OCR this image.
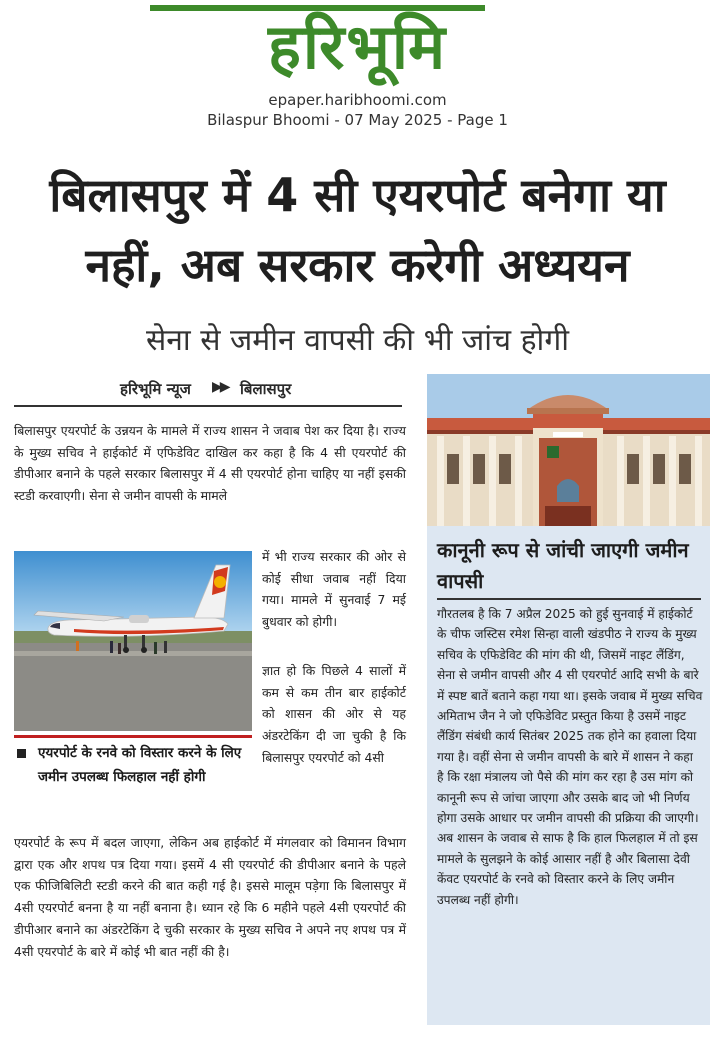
हरिभूमि
epaper.haribhoomi.com
Bilaspur Bhoomi - 07 May 2025 - Page 1
बिलासपुर में 4 सी एयरपोर्ट बनेगा या
नहीं, अब सरकार करेगी अध्ययन
सेना से जमीन वापसी की भी जांच होगी
हरिभूमि न्यूज ▶▶ बिलासपुर
बिलासपुर एयरपोर्ट के उन्नयन के मामले में राज्य शासन ने जवाब पेश कर दिया है। राज्य के मुख्य सचिव ने हाईकोर्ट में एफिडेविट दाखिल कर कहा है कि 4 सी एयरपोर्ट की डीपीआर बनाने के पहले सरकार बिलासपुर में 4 सी एयरपोर्ट होना चाहिए या नहीं इसकी स्टडी करवाएगी। सेना से जमीन वापसी के मामले
में भी राज्य सरकार की ओर से कोई सीधा जवाब नहीं दिया गया। मामले में सुनवाई 7 मई बुधवार को होगी।
ज्ञात हो कि पिछले 4 सालों में कम से कम तीन बार हाईकोर्ट को शासन की ओर से यह अंडरटेकिंग दी जा चुकी है कि बिलासपुर एयरपोर्ट को 4सी
एयरपोर्ट के रनवे को विस्तार करने के लिए जमीन उपलब्ध फिलहाल नहीं होगी
एयरपोर्ट के रूप में बदल जाएगा, लेकिन अब हाईकोर्ट में मंगलवार को विमानन विभाग द्वारा एक और शपथ पत्र दिया गया। इसमें 4 सी एयरपोर्ट की डीपीआर बनाने के पहले एक फीजिबिलिटी स्टडी करने की बात कही गई है। इससे मालूम पड़ेगा कि बिलासपुर में 4सी एयरपोर्ट बनना है या नहीं बनाना है। ध्यान रहे कि 6 महीने पहले 4सी एयरपोर्ट की डीपीआर बनाने का अंडरटेकिंग दे चुकी सरकार के मुख्य सचिव ने अपने नए शपथ पत्र में 4सी एयरपोर्ट के बारे में कोई भी बात नहीं की है।
कानूनी रूप से जांची जाएगी जमीन वापसी
गौरतलब है कि 7 अप्रैल 2025 को हुई सुनवाई में हाईकोर्ट के चीफ जस्टिस रमेश सिन्हा वाली खंडपीठ ने राज्य के मुख्य सचिव के एफिडेविट की मांग की थी, जिसमें नाइट लैंडिंग, सेना से जमीन वापसी और 4 सी एयरपोर्ट आदि सभी के बारे में स्पष्ट बातें बताने कहा गया था। इसके जवाब में मुख्य सचिव अमिताभ जैन ने जो एफिडेविट प्रस्तुत किया है उसमें नाइट लैंडिंग संबंधी कार्य सितंबर 2025 तक होने का हवाला दिया गया है। वहीं सेना से जमीन वापसी के बारे में शासन ने कहा है कि रक्षा मंत्रालय जो पैसे की मांग कर रहा है उस मांग को कानूनी रूप से जांचा जाएगा और उसके बाद जो भी निर्णय होगा उसके आधार पर जमीन वापसी की प्रक्रिया की जाएगी। अब शासन के जवाब से साफ है कि हाल फिलहाल में तो इस मामले के सुलझने के कोई आसार नहीं है और बिलासा देवी केंवट एयरपोर्ट के रनवे को विस्तार करने के लिए जमीन उपलब्ध नहीं होगी।
